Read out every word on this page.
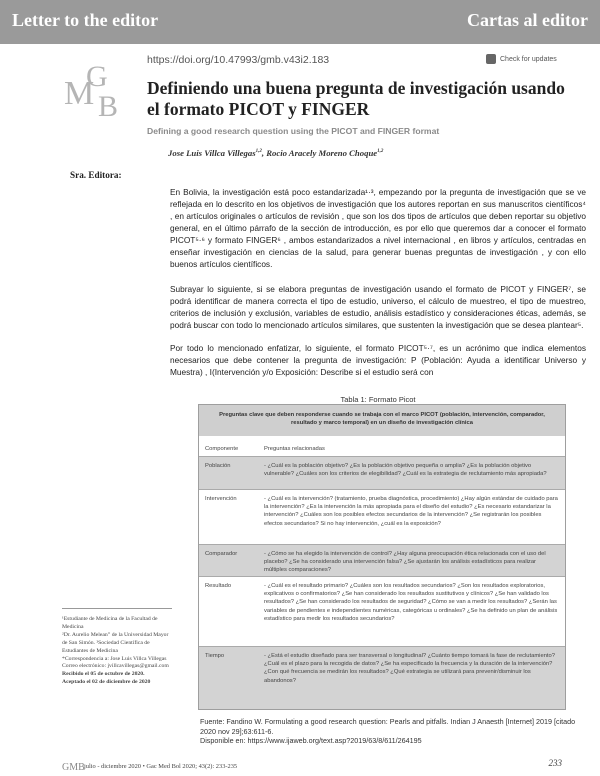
Letter to the editor	Cartas al editor
https://doi.org/10.47993/gmb.v43i2.183	Check for updates
M
G
B
Definiendo una buena pregunta de investigación usando el formato PICOT y FINGER
Defining a good research question using the PICOT and FINGER format
Jose Luis Villca Villegas$^{1,2}$, Rocio Aracely Moreno Choque$^{1,2}$
Sra. Editora:

En Bolivia, la investigación está poco estandarizada¹·³, empezando por la pregunta de investigación que se ve reflejada en lo descrito en los objetivos de investigación que los autores reportan en sus manuscritos científicos⁴ , en artículos originales o artículos de revisión , que son los dos tipos de artículos que deben reportar su objetivo general, en el último párrafo de la sección de introducción, es por ello que queremos dar a conocer el formato PICOT⁵·⁶ y formato FINGER⁶ , ambos estandarizados a nivel internacional , en libros y artículos, centradas en enseñar investigación en ciencias de la salud, para generar buenas preguntas de investigación , y con ello buenos artículos científicos.

Subrayar lo siguiente, si se elabora preguntas de investigación usando el formato de PICOT y FINGER⁷, se podrá identificar de manera correcta el tipo de estudio, universo, el cálculo de muestreo, el tipo de muestreo, criterios de inclusión y exclusión, variables de estudio, análisis estadístico y consideraciones éticas, además, se podrá buscar con todo lo mencionado artículos similares, que sustenten la investigación que se desea plantear⁵.

Por todo lo mencionado enfatizar, lo siguiente, el formato PICOT⁵·⁷, es un acrónimo que indica elementos necesarios que debe contener la pregunta de investigación: P (Población: Ayuda a identificar Universo y Muestra) , I(Intervención y/o Exposición: Describe si el estudio será con

Tabla 1: Formato Picot
Preguntas clave que deben responderse cuando se trabaja con el marco PICOT (población, intervención, comparador, resultado y marco temporal) en un diseño de investigación clínica
Componente	Preguntas relacionadas
Población	- ¿Cuál es la población objetivo? ¿Es la población objetivo pequeña o amplia? ¿Es la población objetivo vulnerable? ¿Cuáles son los criterios de elegibilidad? ¿Cuál es la estrategia de reclutamiento más apropiada?
Intervención	- ¿Cuál es la intervención? (tratamiento, prueba diagnóstica, procedimiento) ¿Hay algún estándar de cuidado para la intervención? ¿Es la intervención la más apropiada para el diseño del estudio? ¿Es necesario estandarizar la intervención? ¿Cuáles son los posibles efectos secundarios de la intervención? ¿Se registrarán los posibles efectos secundarios? Si no hay intervención, ¿cuál es la exposición?
Comparador	- ¿Cómo se ha elegido la intervención de control? ¿Hay alguna preocupación ética relacionada con el uso del placebo? ¿Se ha considerado una intervención falsa? ¿Se ajustarán los análisis estadísticos para realizar múltiples comparaciones?
Resultado	- ¿Cuál es el resultado primario? ¿Cuáles son los resultados secundarios? ¿Son los resultados exploratorios, explicativos o confirmatorios? ¿Se han considerado los resultados sustitutivos y clínicos? ¿Se han validado los resultados? ¿Se han considerado los resultados de seguridad? ¿Cómo se van a medir los resultados? ¿Serán las variables de pendientes e independientes numéricas, categóricas u ordinales? ¿Se ha definido un plan de análisis estadístico para medir los resultados secundarios?
Tiempo	- ¿Está el estudio diseñado para ser transversal o longitudinal? ¿Cuánto tiempo tomará la fase de reclutamiento? ¿Cuál es el plazo para la recogida de datos? ¿Se ha especificado la frecuencia y la duración de la intervención? ¿Con qué frecuencia se medirán los resultados? ¿Qué estrategia se utilizará para prevenir/disminuir los abandonos?
Fuente: Fandino W. Formulating a good research question: Pearls and pitfalls. Indian J Anaesth [Internet] 2019 [citado 2020 nov 29];63:611-6.
Disponible en: https://www.ijaweb.org/text.asp?2019/63/8/611/264195
¹Estudiante de Medicina de la Facultad de Medicina
²Dr. Aurelio Melean” de la Universidad Mayor de San Simón. ²Sociedad Científica de Estudiantes de Medicina
*Correspondencia a: Jose Luis Villca Villegas
Correo electrónico: jvillcavillegas@gmail.com
Recibido el 05 de octubre de 2020.
Aceptado el 02 de diciembre de 2020
GMB julio - diciembre 2020 • Gac Med Bol 2020; 43(2): 233-235	233
